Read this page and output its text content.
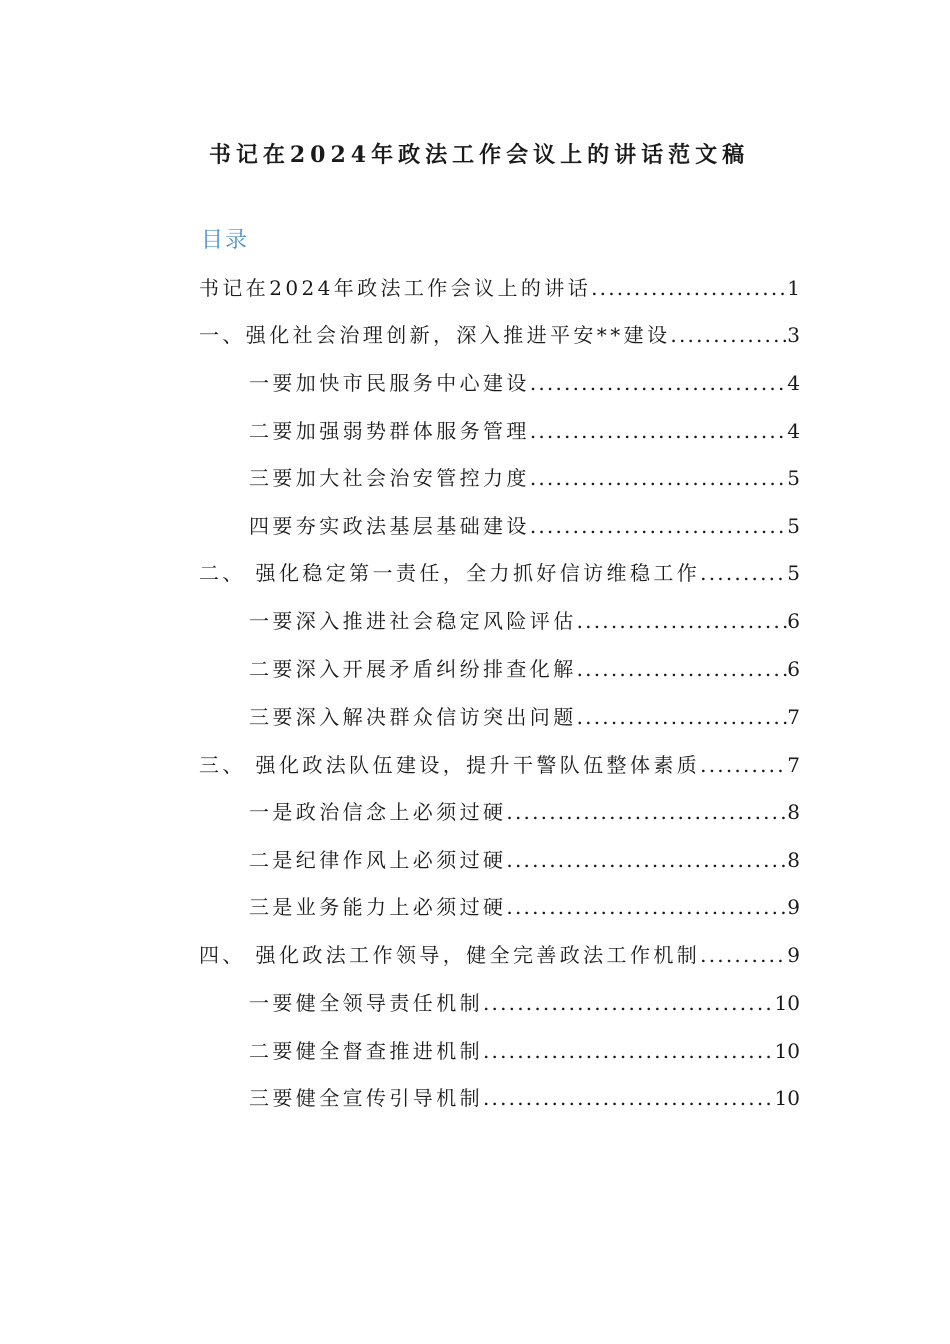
书记在2024年政法工作会议上的讲话范文稿
目录
书记在2024年政法工作会议上的讲话 .....	1
一、强化社会治理创新，深入推进平安**建设 .....	3
一要加快市民服务中心建设 .....	4
二要加强弱势群体服务管理 .....	4
三要加大社会治安管控力度 .....	5
四要夯实政法基层基础建设 .....	5
二、 强化稳定第一责任，全力抓好信访维稳工作 .....	5
一要深入推进社会稳定风险评估 .....	6
二要深入开展矛盾纠纷排查化解 .....	6
三要深入解决群众信访突出问题 .....	7
三、 强化政法队伍建设，提升干警队伍整体素质 .....	7
一是政治信念上必须过硬 .....	8
二是纪律作风上必须过硬 .....	8
三是业务能力上必须过硬 .....	9
四、 强化政法工作领导，健全完善政法工作机制 .....	9
一要健全领导责任机制 .....	10
二要健全督查推进机制 .....	10
三要健全宣传引导机制 .....	10
